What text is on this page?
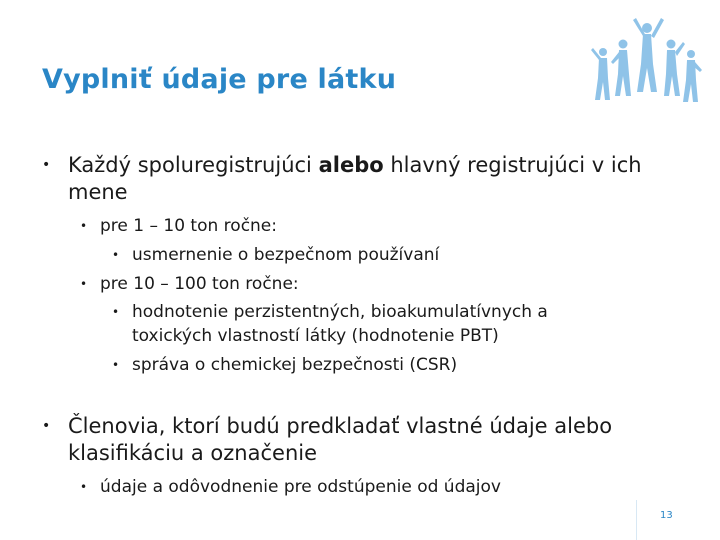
Vyplniť údaje pre látku
• Každý spoluregistrujúci alebo hlavný registrujúci v ich mene
• pre 1 – 10 ton ročne:
• usmernenie o bezpečnom používaní
• pre 10 – 100 ton ročne:
• hodnotenie perzistentných, bioakumulatívnych a toxických vlastností látky (hodnotenie PBT)
• správa o chemickej bezpečnosti (CSR)
• Členovia, ktorí budú predkladať vlastné údaje alebo klasifikáciu a označenie
• údaje a odôvodnenie pre odstúpenie od údajov
13
